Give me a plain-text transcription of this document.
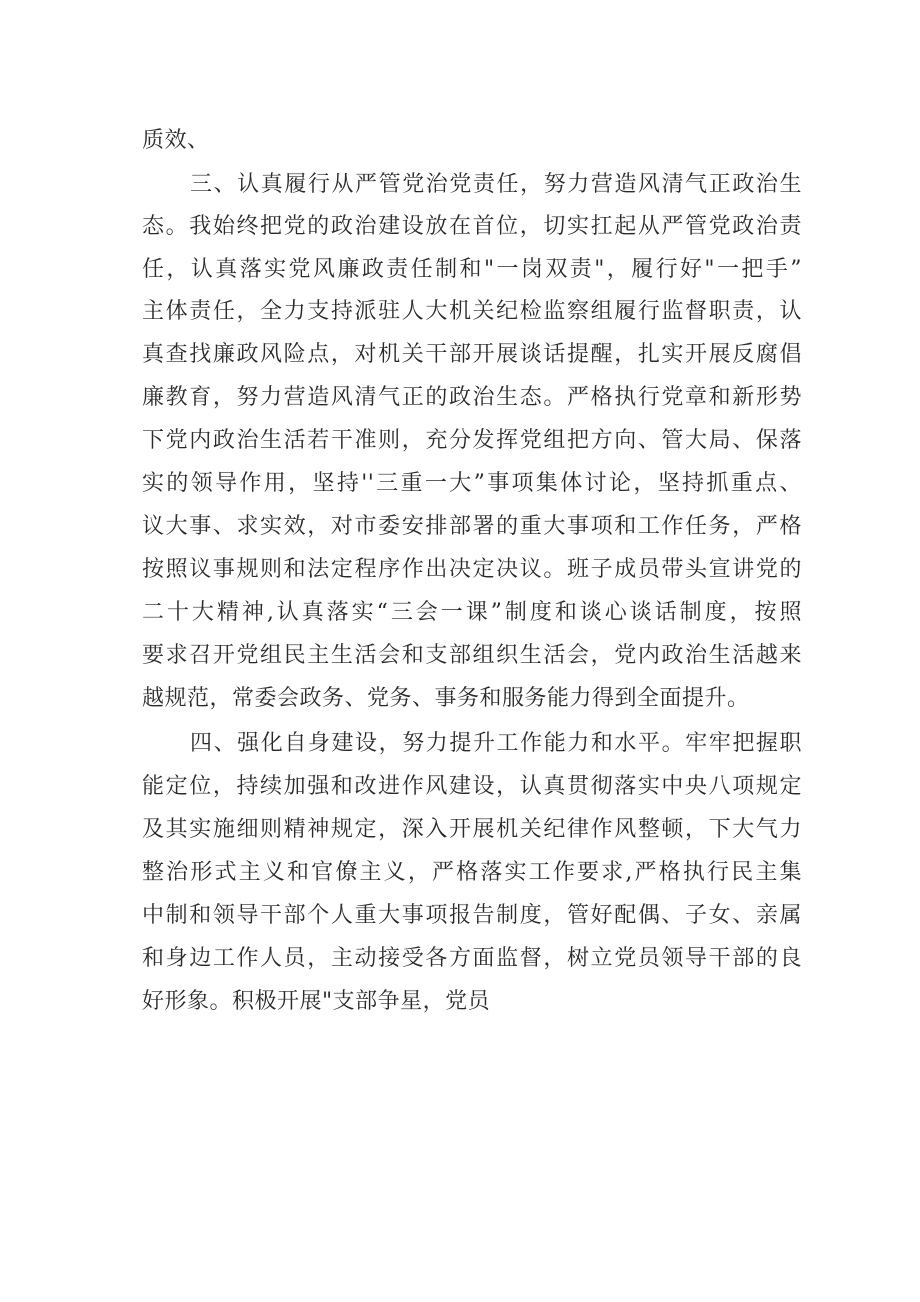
质效、
三、认真履行从严管党治党责任，努力营造风清气正政治生
态。我始终把党的政治建设放在首位，切实扛起从严管党政治责
任，认真落实党风廉政责任制和"一岗双责"，履行好"一把手”
主体责任，全力支持派驻人大机关纪检监察组履行监督职责，认
真查找廉政风险点，对机关干部开展谈话提醒，扎实开展反腐倡
廉教育，努力营造风清气正的政治生态。严格执行党章和新形势
下党内政治生活若干准则，充分发挥党组把方向、管大局、保落
实的领导作用，坚持''三重一大”事项集体讨论，坚持抓重点、
议大事、求实效，对市委安排部署的重大事项和工作任务，严格
按照议事规则和法定程序作出决定决议。班子成员带头宣讲党的
二十大精神,认真落实“三会一课”制度和谈心谈话制度，按照
要求召开党组民主生活会和支部组织生活会，党内政治生活越来
越规范，常委会政务、党务、事务和服务能力得到全面提升。
四、强化自身建设，努力提升工作能力和水平。牢牢把握职
能定位，持续加强和改进作风建设，认真贯彻落实中央八项规定
及其实施细则精神规定，深入开展机关纪律作风整顿，下大气力
整治形式主义和官僚主义，严格落实工作要求,严格执行民主集
中制和领导干部个人重大事项报告制度，管好配偶、子女、亲属
和身边工作人员，主动接受各方面监督，树立党员领导干部的良
好形象。积极开展"支部争星，党员
